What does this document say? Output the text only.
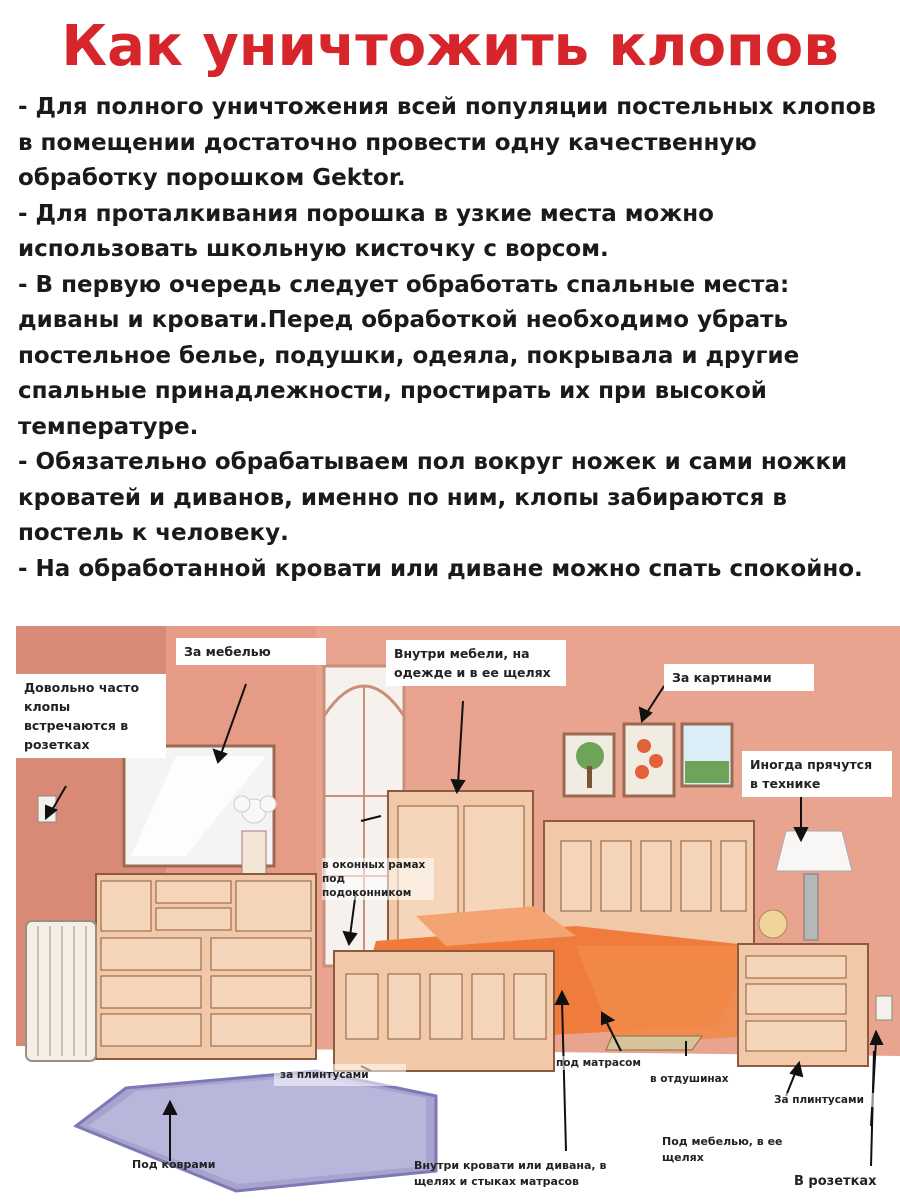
Как уничтожить клопов

- Для полного уничтожения всей популяции постельных клопов в помещении достаточно провести одну качественную обработку порошком Gektor.

- Для проталкивания порошка в узкие места можно использовать школьную кисточку с ворсом.

- В первую очередь следует обработать спальные места: диваны и кровати.Перед обработкой необходимо убрать постельное белье, подушки, одеяла, покрывала и другие спальные принадлежности, простирать их при высокой температуре.

- Обязательно обрабатываем пол вокруг ножек и сами ножки кроватей и диванов, именно по ним, клопы забираются в постель к человеку.

- На обработанной кровати или диване можно спать спокойно.

Довольно часто клопы встречаются в розетках
За мебелью	Внутри мебели, на одежде и в ее щелях	За картинами
Иногда прячутся в технике
в оконных рамах под подоконником
за плинтусами
под матрасом
в отдушинах
За плинтусами
Под мебелью, в ее щелях
Под коврами	Внутри кровати или дивана, в щелях и стыках матрасов	В розетках
